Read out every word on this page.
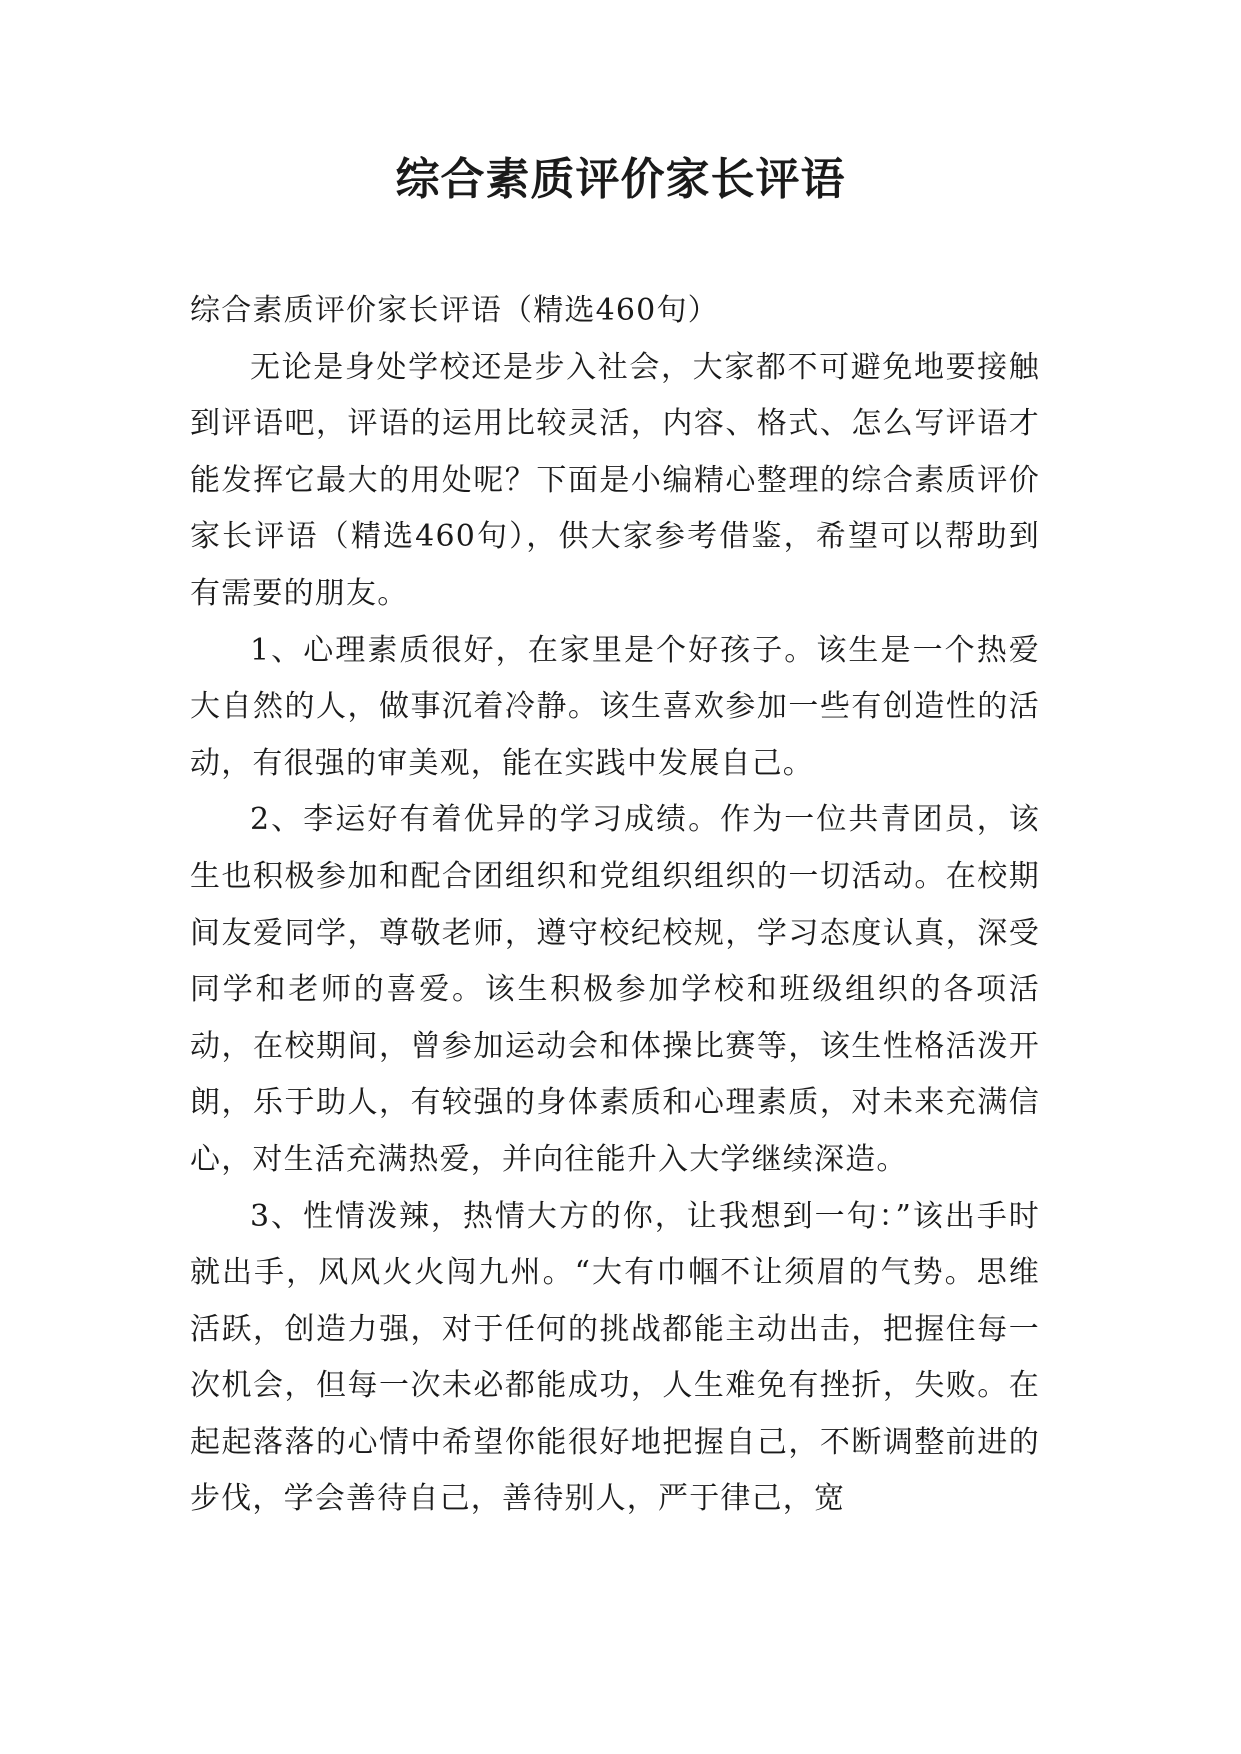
综合素质评价家长评语

综合素质评价家长评语（精选460句）

无论是身处学校还是步入社会，大家都不可避免地要接触到评语吧，评语的运用比较灵活，内容、格式、怎么写评语才能发挥它最大的用处呢？下面是小编精心整理的综合素质评价家长评语（精选460句），供大家参考借鉴，希望可以帮助到有需要的朋友。

1、心理素质很好，在家里是个好孩子。该生是一个热爱大自然的人，做事沉着冷静。该生喜欢参加一些有创造性的活动，有很强的审美观，能在实践中发展自己。

2、李运好有着优异的学习成绩。作为一位共青团员，该生也积极参加和配合团组织和党组织组织的一切活动。在校期间友爱同学，尊敬老师，遵守校纪校规，学习态度认真，深受同学和老师的喜爱。该生积极参加学校和班级组织的各项活动，在校期间，曾参加运动会和体操比赛等，该生性格活泼开朗，乐于助人，有较强的身体素质和心理素质，对未来充满信心，对生活充满热爱，并向往能升入大学继续深造。

3、性情泼辣，热情大方的你，让我想到一句：”该出手时就出手，风风火火闯九州。“大有巾帼不让须眉的气势。思维活跃，创造力强，对于任何的挑战都能主动出击，把握住每一次机会，但每一次未必都能成功，人生难免有挫折，失败。在起起落落的心情中希望你能很好地把握自己，不断调整前进的步伐，学会善待自己，善待别人，严于律己，宽
